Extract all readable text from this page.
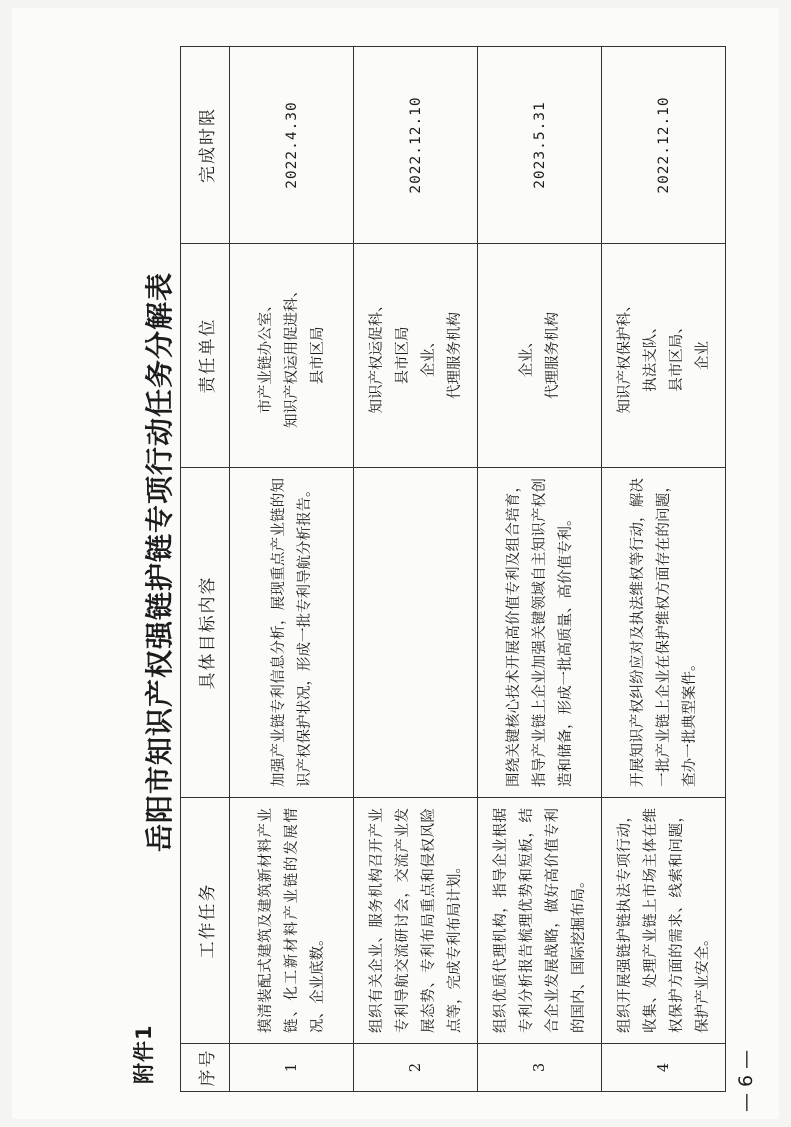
附件1
岳阳市知识产权强链护链专项行动任务分解表
序号	工作任务	具体目标内容	责任单位	完成时限
1	摸清装配式建筑及建筑新材料产业链、化工新材料产业链的发展情况、企业底数。	加强产业链专利信息分析，展现重点产业链的知识产权保护状况，形成一批专利导航分析报告。	市产业链办公室、 知识产权运用促进科、 县市区局	2022.4.30
2	组织有关企业、服务机构召开产业专利导航交流研讨会，交流产业发展态势、专利布局重点和侵权风险点等，完成专利布局计划。		知识产权运促科、 县市区局 企业、 代理服务机构	2022.12.10
3	组织优质代理机构，指导企业根据专利分析报告梳理优势和短板，结合企业发展战略，做好高价值专利的国内、国际挖掘布局。	围绕关键核心技术开展高价值专利及组合培育，指导产业链上企业加强关键领域自主知识产权创造和储备，形成一批高质量、高价值专利。	企业、 代理服务机构	2023.5.31
4	组织开展强链护链执法专项行动，收集、处理产业链上市场主体在维权保护方面的需求、线索和问题，保护产业安全。	开展知识产权纠纷应对及执法维权等行动，解决一批产业链上企业在保护维权方面存在的问题，查办一批典型案件。	知识产权保护科、 执法支队、 县市区局、 企业	2022.12.10
— 6 —
